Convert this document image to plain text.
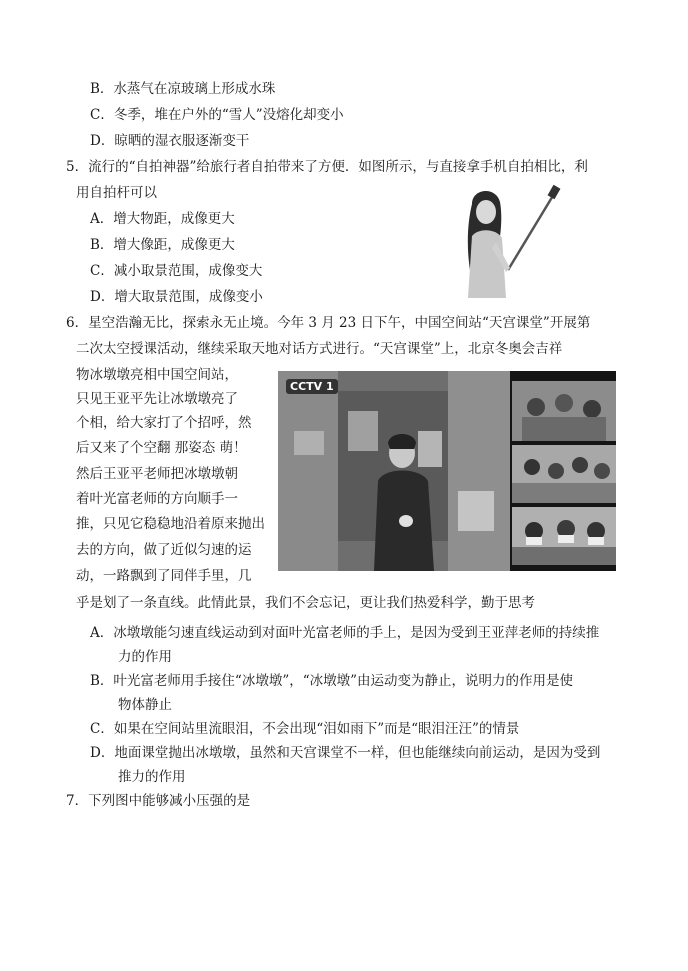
B．水蒸气在凉玻璃上形成水珠
C．冬季，堆在户外的“雪人”没熔化却变小
D．晾晒的湿衣服逐渐变干
5．流行的“自拍神器”给旅行者自拍带来了方便．如图所示，与直接拿手机自拍相比，利
用自拍杆可以
A．增大物距，成像更大
B．增大像距，成像更大
C．减小取景范围，成像变大
D．增大取景范围，成像变小
6．星空浩瀚无比，探索永无止境。今年 3 月 23 日下午，中国空间站“天宫课堂”开展第
二次太空授课活动，继续采取天地对话方式进行。“天宫课堂”上，北京冬奥会吉祥
物冰墩墩亮相中国空间站，
只见王亚平先让冰墩墩亮了
个相，给大家打了个招呼，然
后又来了个空翻 那姿态 萌！
然后王亚平老师把冰墩墩朝
着叶光富老师的方向顺手一
推，只见它稳稳地沿着原来抛出
去的方向，做了近似匀速的运
动，一路飘到了同伴手里，几
乎是划了一条直线。此情此景，我们不会忘记，更让我们热爱科学，勤于思考
CCTV 1
A．冰墩墩能匀速直线运动到对面叶光富老师的手上，是因为受到王亚萍老师的持续推
力的作用
B．叶光富老师用手接住“冰墩墩”，“冰墩墩”由运动变为静止，说明力的作用是使
物体静止
C．如果在空间站里流眼泪，不会出现“泪如雨下”而是“眼泪汪汪”的情景
D．地面课堂抛出冰墩墩，虽然和天宫课堂不一样，但也能继续向前运动，是因为受到
推力的作用
7．下列图中能够减小压强的是
